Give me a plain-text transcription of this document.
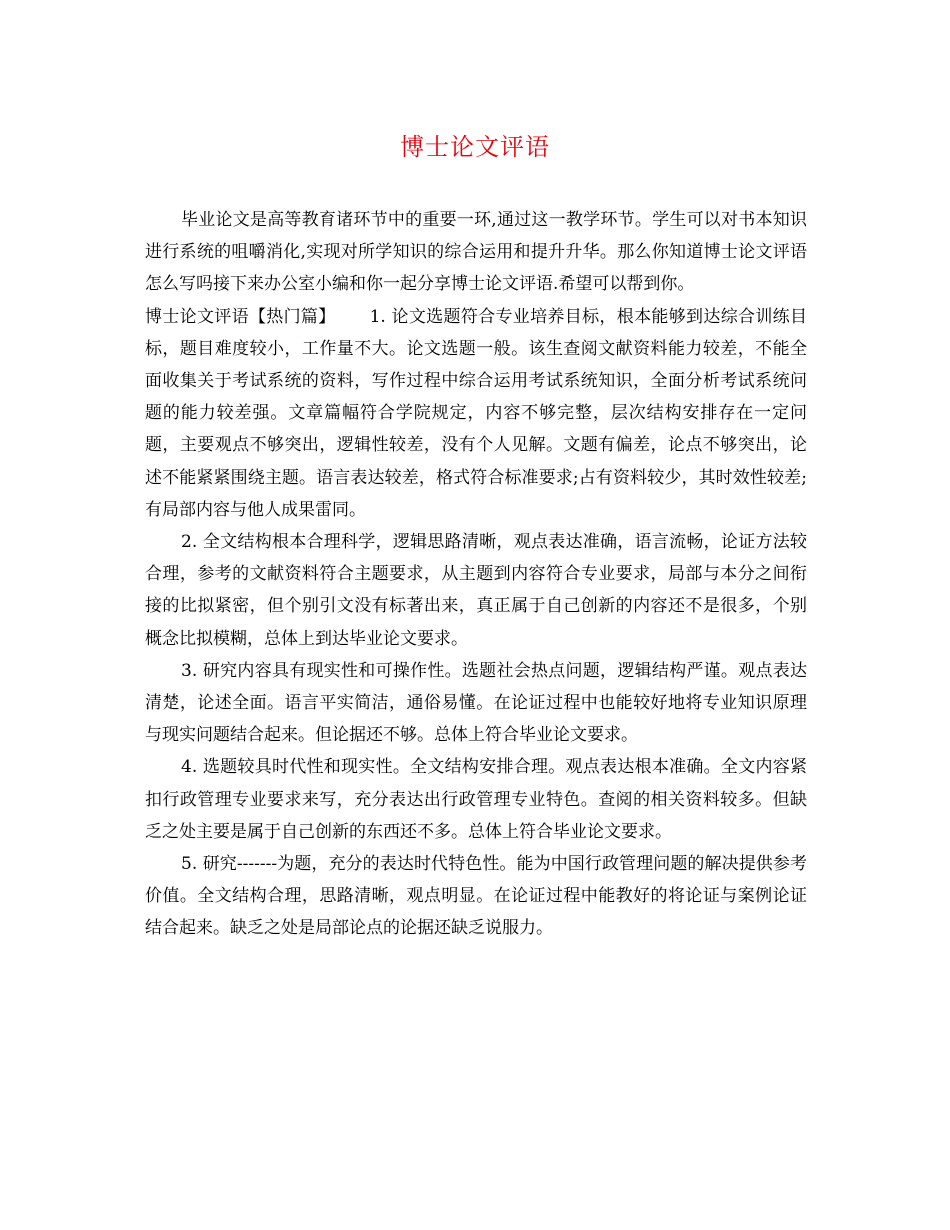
博士论文评语

毕业论文是高等教育诸环节中的重要一环,通过这一教学环节。学生可以对书本知识进行系统的咀嚼消化,实现对所学知识的综合运用和提升升华。那么你知道博士论文评语怎么写吗接下来办公室小编和你一起分享博士论文评语.希望可以帮到你。

博士论文评语【热门篇】 1. 论文选题符合专业培养目标，根本能够到达综合训练目标，题目难度较小，工作量不大。论文选题一般。该生查阅文献资料能力较差，不能全面收集关于考试系统的资料，写作过程中综合运用考试系统知识，全面分析考试系统问题的能力较差强。文章篇幅符合学院规定，内容不够完整，层次结构安排存在一定问题，主要观点不够突出，逻辑性较差，没有个人见解。文题有偏差，论点不够突出，论述不能紧紧围绕主题。语言表达较差，格式符合标准要求;占有资料较少，其时效性较差;有局部内容与他人成果雷同。

2. 全文结构根本合理科学，逻辑思路清晰，观点表达准确，语言流畅，论证方法较合理，参考的文献资料符合主题要求，从主题到内容符合专业要求，局部与本分之间衔接的比拟紧密，但个别引文没有标著出来，真正属于自己创新的内容还不是很多，个别概念比拟模糊，总体上到达毕业论文要求。

3. 研究内容具有现实性和可操作性。选题社会热点问题，逻辑结构严谨。观点表达清楚，论述全面。语言平实简洁，通俗易懂。在论证过程中也能较好地将专业知识原理与现实问题结合起来。但论据还不够。总体上符合毕业论文要求。

4. 选题较具时代性和现实性。全文结构安排合理。观点表达根本准确。全文内容紧扣行政管理专业要求来写，充分表达出行政管理专业特色。查阅的相关资料较多。但缺乏之处主要是属于自己创新的东西还不多。总体上符合毕业论文要求。

5. 研究-------为题，充分的表达时代特色性。能为中国行政管理问题的解决提供参考价值。全文结构合理，思路清晰，观点明显。在论证过程中能教好的将论证与案例论证结合起来。缺乏之处是局部论点的论据还缺乏说服力。
